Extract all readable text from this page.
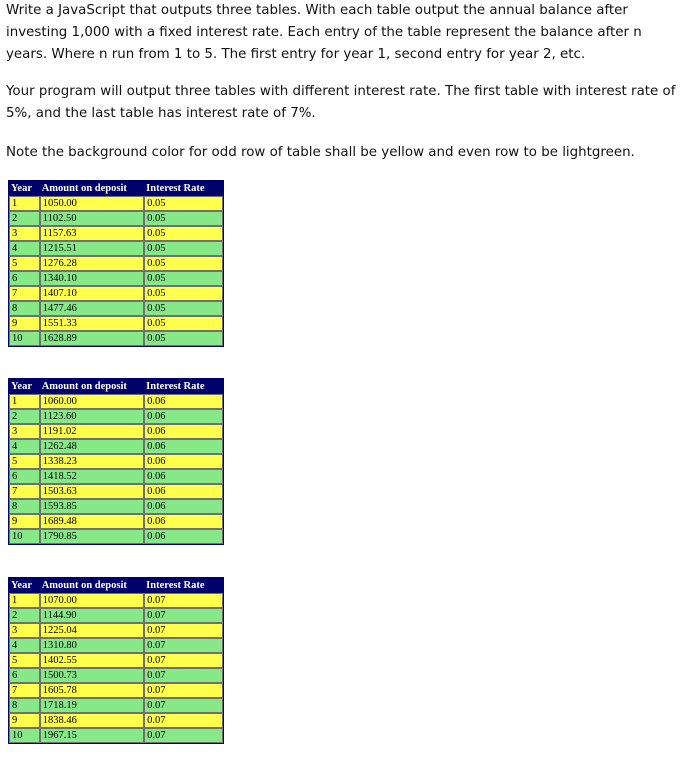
Write a JavaScript that outputs three tables. With each table output the annual balance after investing 1,000 with a fixed interest rate. Each entry of the table represent the balance after n years. Where n run from 1 to 5. The first entry for year 1, second entry for year 2, etc.

Your program will output three tables with different interest rate. The first table with interest rate of 5%, and the last table has interest rate of 7%.

Note the background color for odd row of table shall be yellow and even row to be lightgreen.

Year	Amount on deposit	Interest Rate
1	1050.00	0.05
2	1102.50	0.05
3	1157.63	0.05
4	1215.51	0.05
5	1276.28	0.05
6	1340.10	0.05
7	1407.10	0.05
8	1477.46	0.05
9	1551.33	0.05
10	1628.89	0.05
Year	Amount on deposit	Interest Rate
1	1060.00	0.06
2	1123.60	0.06
3	1191.02	0.06
4	1262.48	0.06
5	1338.23	0.06
6	1418.52	0.06
7	1503.63	0.06
8	1593.85	0.06
9	1689.48	0.06
10	1790.85	0.06
Year	Amount on deposit	Interest Rate
1	1070.00	0.07
2	1144.90	0.07
3	1225.04	0.07
4	1310.80	0.07
5	1402.55	0.07
6	1500.73	0.07
7	1605.78	0.07
8	1718.19	0.07
9	1838.46	0.07
10	1967.15	0.07
